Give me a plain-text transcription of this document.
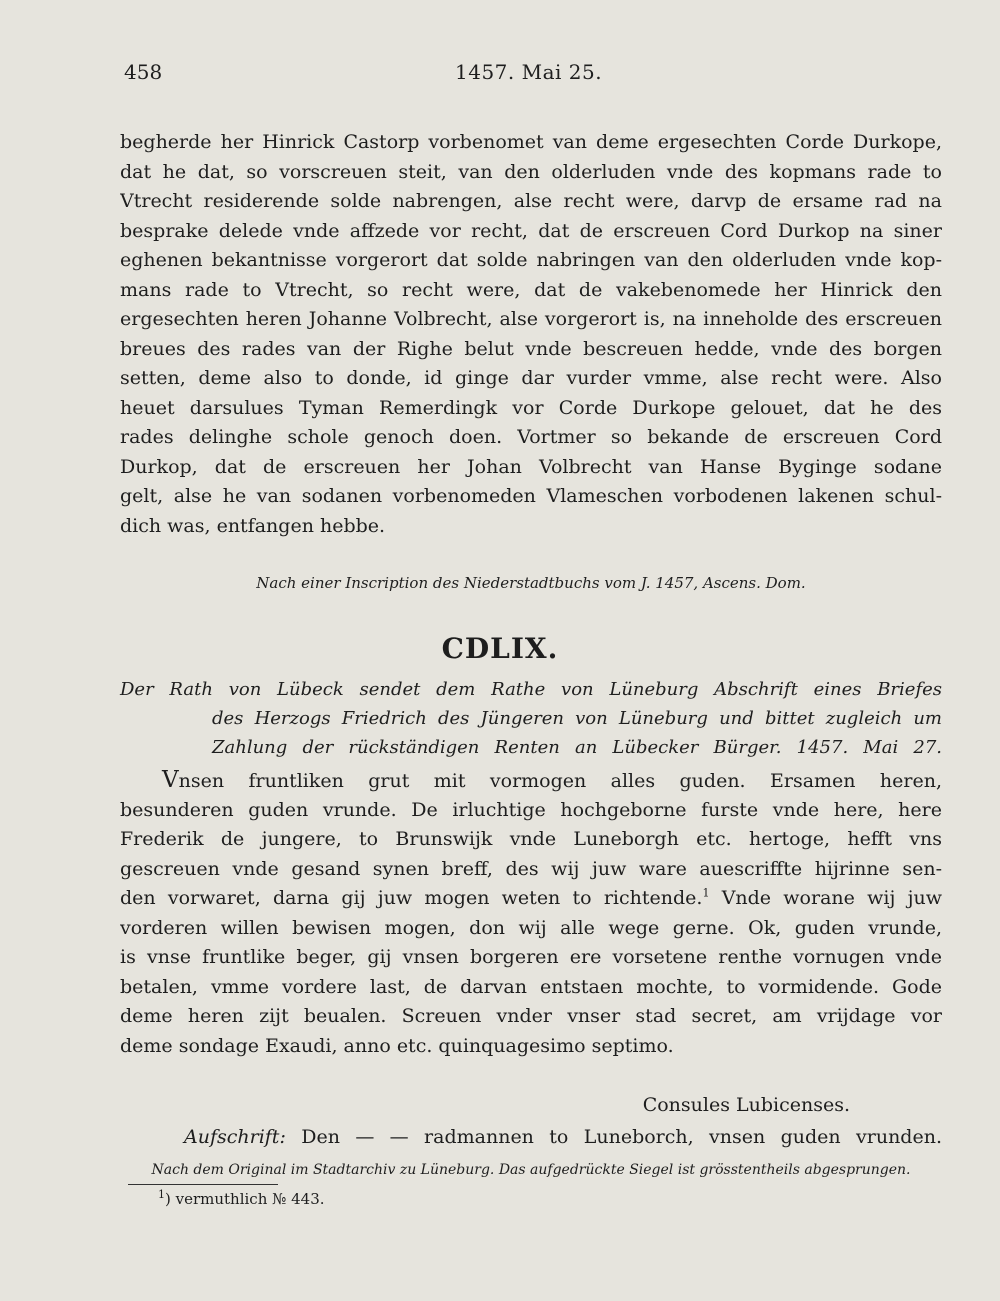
458	1457. Mai 25.
begherde her Hinrick Castorp vorbenomet van deme ergesechten Corde Durkope,
dat he dat, so vorscreuen steit, van den olderluden vnde des kopmans rade to
Vtrecht residerende solde nabrengen, alse recht were, darvp de ersame rad na
besprake delede vnde affzede vor recht, dat de erscreuen Cord Durkop na siner
eghenen bekantnisse vorgerort dat solde nabringen van den olderluden vnde kop-
mans rade to Vtrecht, so recht were, dat de vakebenomede her Hinrick den
ergesechten heren Johanne Volbrecht, alse vorgerort is, na inneholde des erscreuen
breues des rades van der Righe belut vnde bescreuen hedde, vnde des borgen
setten, deme also to donde, id ginge dar vurder vmme, alse recht were. Also
heuet darsulues Tyman Remerdingk vor Corde Durkope gelouet, dat he des
rades delinghe schole genoch doen. Vortmer so bekande de erscreuen Cord
Durkop, dat de erscreuen her Johan Volbrecht van Hanse Byginge sodane
gelt, alse he van sodanen vorbenomeden Vlameschen vorbodenen lakenen schul-
dich was, entfangen hebbe.
Nach einer Inscription des Niederstadtbuchs vom J. 1457, Ascens. Dom.
CDLIX.
Der Rath von Lübeck sendet dem Rathe von Lüneburg Abschrift eines Briefes
des Herzogs Friedrich des Jüngeren von Lüneburg und bittet zugleich um
Zahlung der rückständigen Renten an Lübecker Bürger. 1457. Mai 27.
Vnsen fruntliken grut mit vormogen alles guden. Ersamen heren,
besunderen guden vrunde. De irluchtige hochgeborne furste vnde here, here
Frederik de jungere, to Brunswijk vnde Luneborgh etc. hertoge, hefft vns
gescreuen vnde gesand synen breff, des wij juw ware auescriffte hijrinne sen-
den vorwaret, darna gij juw mogen weten to richtende.$^1$ Vnde worane wij juw
vorderen willen bewisen mogen, don wij alle wege gerne. Ok, guden vrunde,
is vnse fruntlike beger, gij vnsen borgeren ere vorsetene renthe vornugen vnde
betalen, vmme vordere last, de darvan entstaen mochte, to vormidende. Gode
deme heren zijt beualen. Screuen vnder vnser stad secret, am vrijdage vor
deme sondage Exaudi, anno etc. quinquagesimo septimo.
Consules Lubicenses.
Aufschrift: Den — — radmannen to Luneborch, vnsen guden vrunden.
Nach dem Original im Stadtarchiv zu Lüneburg. Das aufgedrückte Siegel ist grösstentheils abgesprungen.
$^1$) vermuthlich № 443.
